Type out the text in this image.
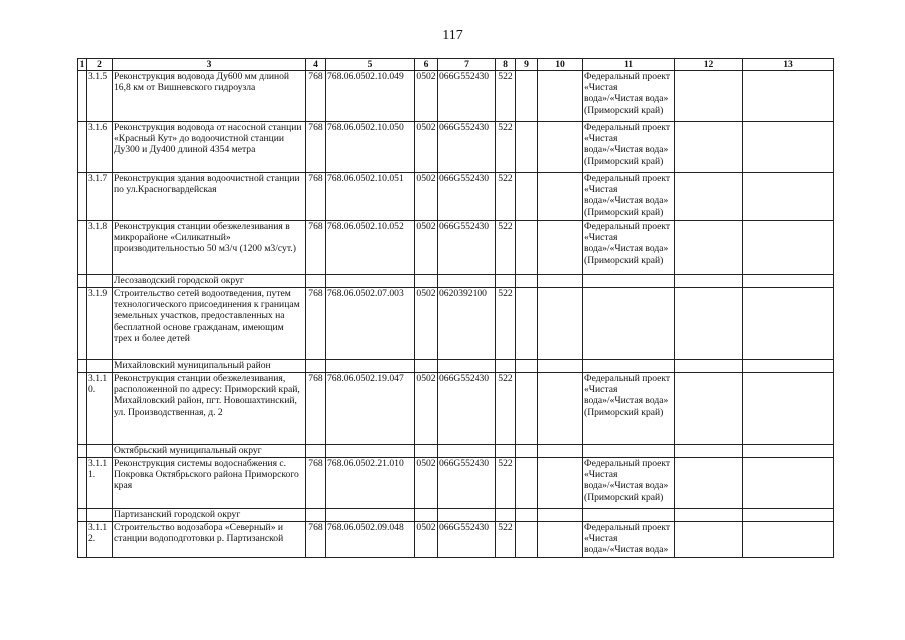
117
1	2	3	4	5	6	7	8	9	10	11	12	13
	3.1.5	Реконструкция водовода Ду600 мм длиной 16,8 км от Вишневского гидроузла	768	768.06.0502.10.049	0502	066G552430	522			Федеральный проект «Чистая вода»/«Чистая вода» (Приморский край)		
	3.1.6	Реконструкция водовода от насосной станции «Красный Кут» до водоочистной станции Ду300 и Ду400 длиной 4354 метра	768	768.06.0502.10.050	0502	066G552430	522			Федеральный проект «Чистая вода»/«Чистая вода» (Приморский край)		
	3.1.7	Реконструкция здания водоочистной станции по ул.Красногвардейская	768	768.06.0502.10.051	0502	066G552430	522			Федеральный проект «Чистая вода»/«Чистая вода» (Приморский край)		
	3.1.8	Реконструкция станции обезжелезивания в микрорайоне «Силикатный» производительностью 50 м3/ч (1200 м3/сут.)	768	768.06.0502.10.052	0502	066G552430	522			Федеральный проект «Чистая вода»/«Чистая вода» (Приморский край)		
		Лесозаводский городской округ										
	3.1.9	Строительство сетей водоотведения, путем технологического присоединения к границам земельных участков, предоставленных на бесплатной основе гражданам, имеющим трех и более детей	768	768.06.0502.07.003	0502	0620392100	522					
		Михайловский муниципальный район										
	3.1.10.	Реконструкция станции обезжелезивания, расположенной по адресу: Приморский край, Михайловский район, пгт. Новошахтинский, ул. Производственная, д. 2	768	768.06.0502.19.047	0502	066G552430	522			Федеральный проект «Чистая вода»/«Чистая вода» (Приморский край)		
		Октябрьский муниципальный округ										
	3.1.11.	Реконструкция системы водоснабжения с. Покровка Октябрьского района Приморского края	768	768.06.0502.21.010	0502	066G552430	522			Федеральный проект «Чистая вода»/«Чистая вода» (Приморский край)		
		Партизанский городской округ										
	3.1.12.	Строительство водозабора «Северный» и станции водоподготовки р. Партизанской	768	768.06.0502.09.048	0502	066G552430	522			Федеральный проект «Чистая вода»/«Чистая вода»		
